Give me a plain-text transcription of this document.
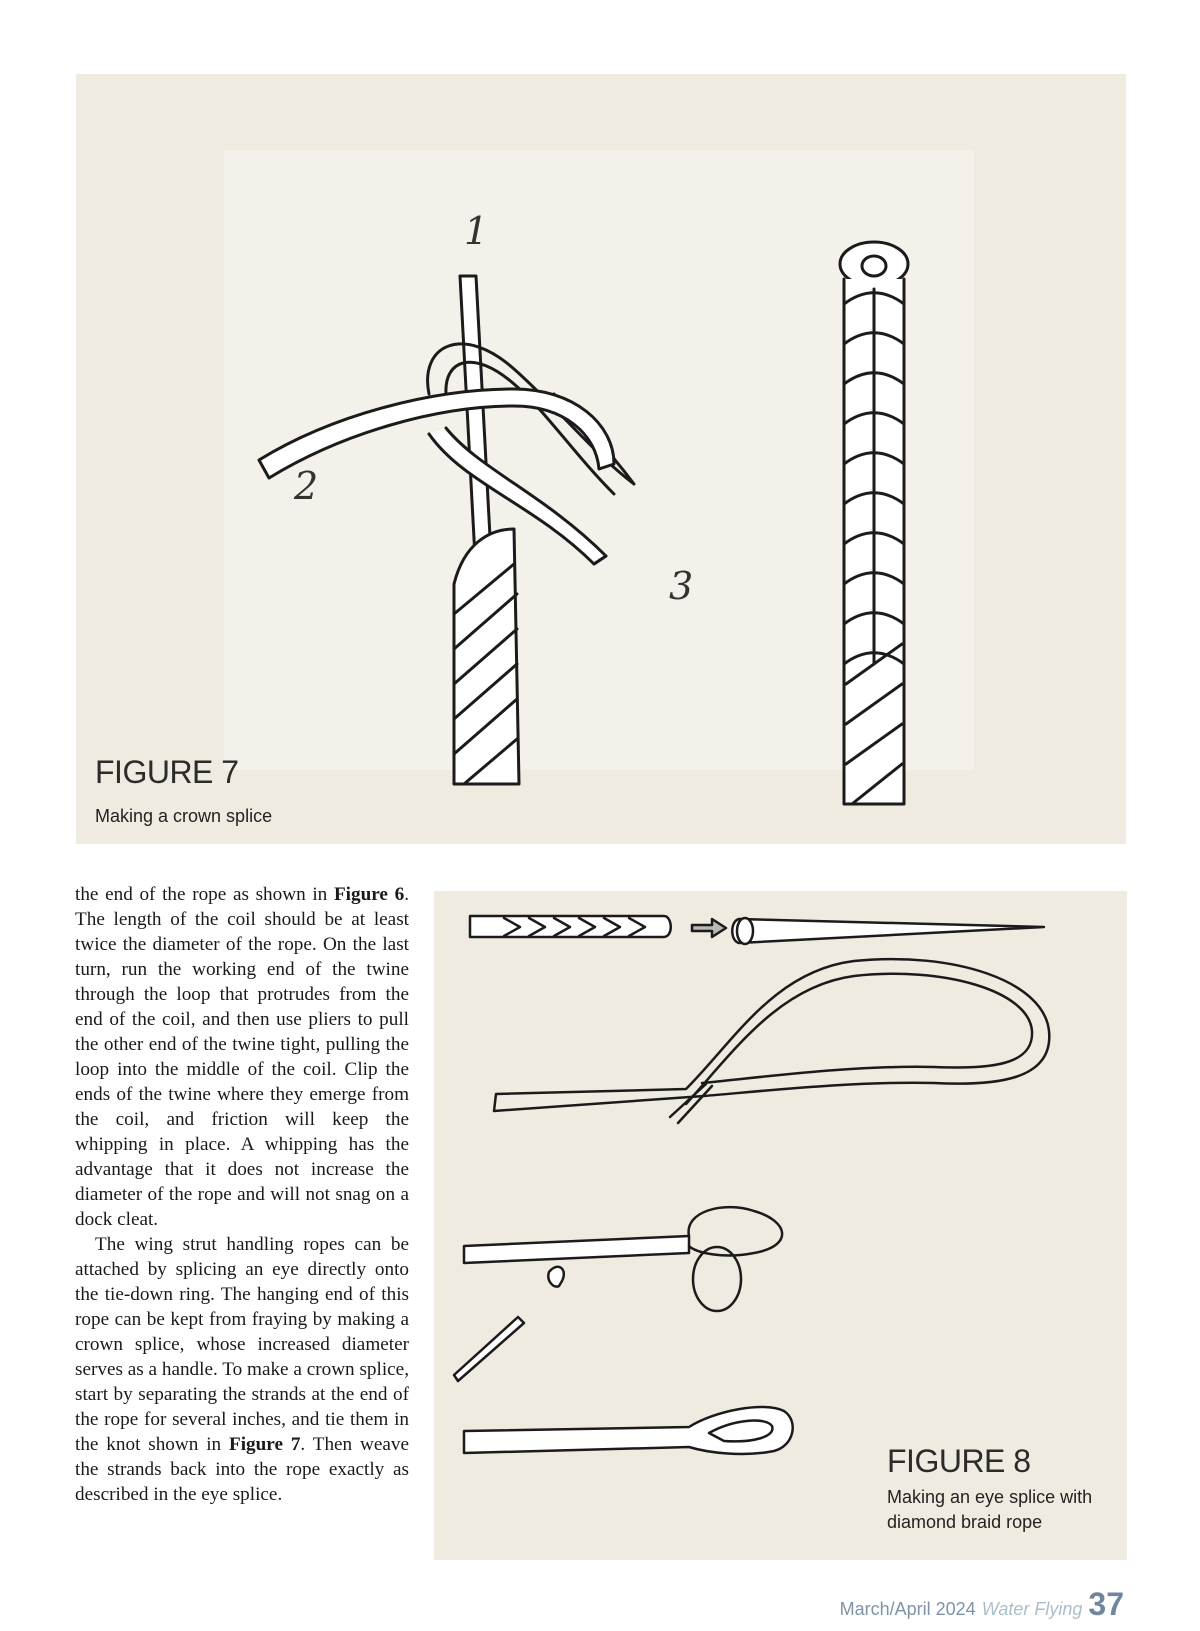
1
2
3
FIGURE 7
Making a crown splice

the end of the rope as shown in Figure 6. The length of the coil should be at least twice the diameter of the rope. On the last turn, run the working end of the twine through the loop that protrudes from the end of the coil, and then use pliers to pull the other end of the twine tight, pulling the loop into the middle of the coil. Clip the ends of the twine where they emerge from the coil, and friction will keep the whipping in place. A whipping has the advantage that it does not increase the diameter of the rope and will not snag on a dock cleat.

The wing strut handling ropes can be attached by splicing an eye directly onto the tie-down ring. The hanging end of this rope can be kept from fraying by making a crown splice, whose increased diameter serves as a handle. To make a crown splice, start by separating the strands at the end of the rope for several inches, and tie them in the knot shown in Figure 7. Then weave the strands back into the rope exactly as described in the eye splice.

FIGURE 8
Making an eye splice with diamond braid rope
March/April 2024 Water Flying 37
